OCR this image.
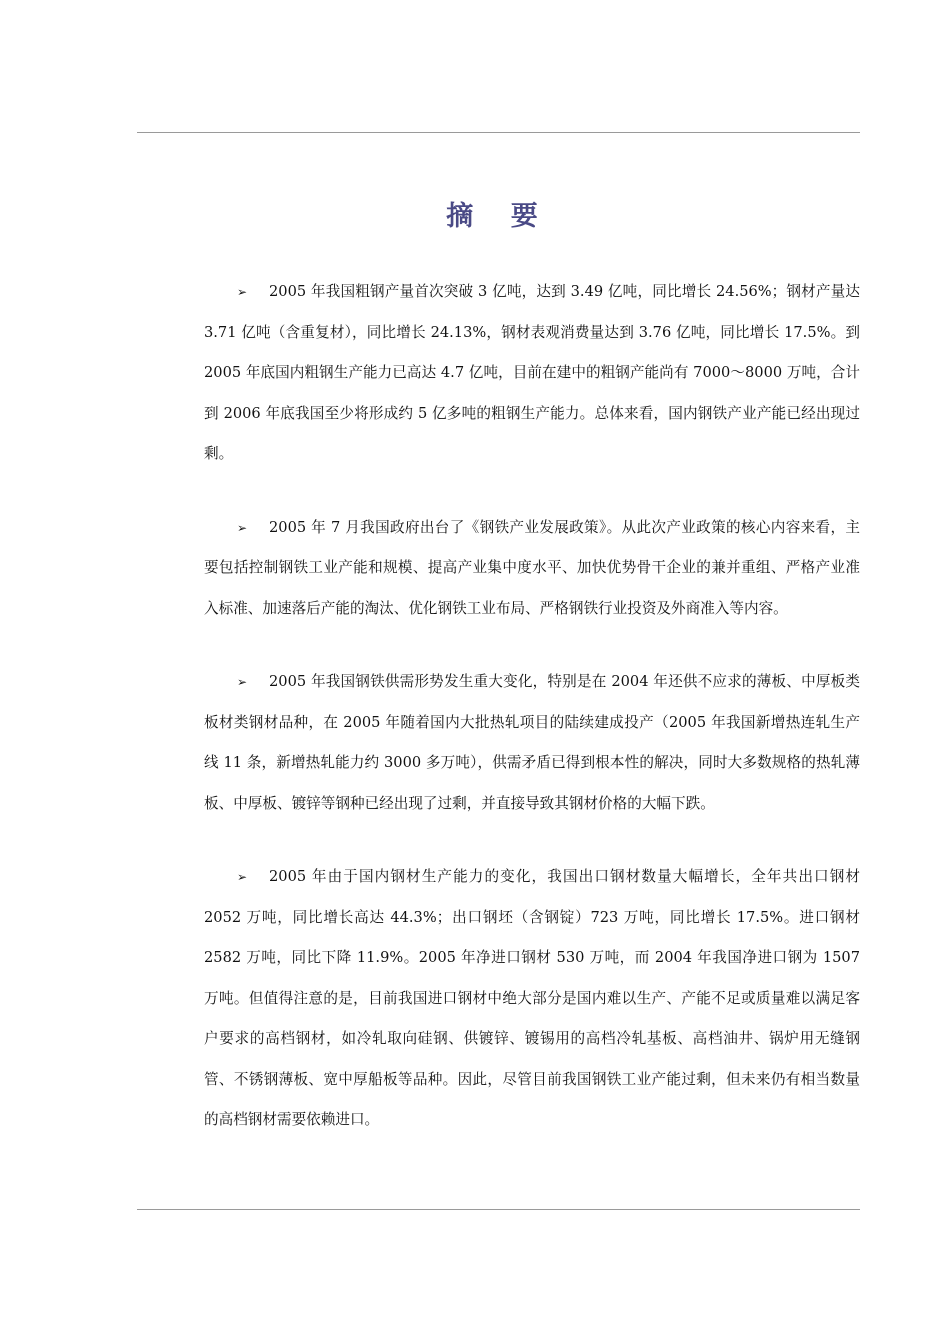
摘 要

➢ 2005 年我国粗钢产量首次突破 3 亿吨，达到 3.49 亿吨，同比增长 24.56%；钢材产量达 3.71 亿吨（含重复材），同比增长 24.13%，钢材表观消费量达到 3.76 亿吨，同比增长 17.5%。到 2005 年底国内粗钢生产能力已高达 4.7 亿吨，目前在建中的粗钢产能尚有 7000～8000 万吨，合计到 2006 年底我国至少将形成约 5 亿多吨的粗钢生产能力。总体来看，国内钢铁产业产能已经出现过剩。

➢ 2005 年 7 月我国政府出台了《钢铁产业发展政策》。从此次产业政策的核心内容来看，主要包括控制钢铁工业产能和规模、提高产业集中度水平、加快优势骨干企业的兼并重组、严格产业准入标准、加速落后产能的淘汰、优化钢铁工业布局、严格钢铁行业投资及外商准入等内容。

➢ 2005 年我国钢铁供需形势发生重大变化，特别是在 2004 年还供不应求的薄板、中厚板类板材类钢材品种，在 2005 年随着国内大批热轧项目的陆续建成投产（2005 年我国新增热连轧生产线 11 条，新增热轧能力约 3000 多万吨），供需矛盾已得到根本性的解决，同时大多数规格的热轧薄板、中厚板、镀锌等钢种已经出现了过剩，并直接导致其钢材价格的大幅下跌。

➢ 2005 年由于国内钢材生产能力的变化，我国出口钢材数量大幅增长，全年共出口钢材 2052 万吨，同比增长高达 44.3%；出口钢坯（含钢锭）723 万吨，同比增长 17.5%。进口钢材 2582 万吨，同比下降 11.9%。2005 年净进口钢材 530 万吨，而 2004 年我国净进口钢为 1507 万吨。但值得注意的是，目前我国进口钢材中绝大部分是国内难以生产、产能不足或质量难以满足客户要求的高档钢材，如冷轧取向硅钢、供镀锌、镀锡用的高档冷轧基板、高档油井、锅炉用无缝钢管、不锈钢薄板、宽中厚船板等品种。因此，尽管目前我国钢铁工业产能过剩，但未来仍有相当数量的高档钢材需要依赖进口。
